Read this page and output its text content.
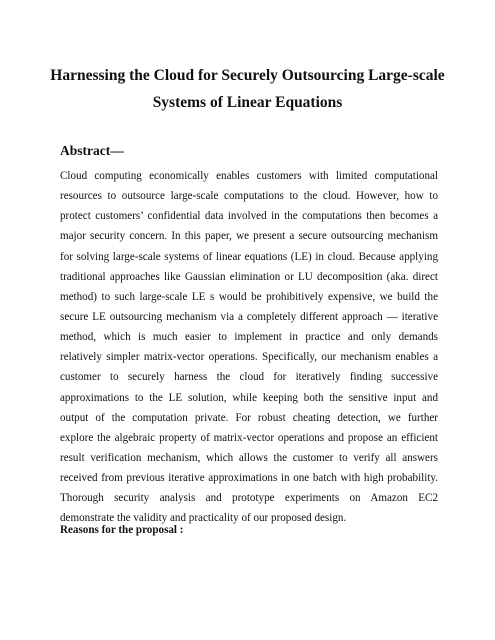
Harnessing the Cloud for Securely Outsourcing Large-scale
Systems of Linear Equations
Abstract—
Cloud computing economically enables customers with limited computational
resources to outsource large-scale computations to the cloud. However, how to
protect customers’ confidential data involved in the computations then becomes a
major security concern. In this paper, we present a secure outsourcing mechanism
for solving large-scale systems of linear equations (LE) in cloud. Because applying
traditional approaches like Gaussian elimination or LU decomposition (aka. direct
method) to such large-scale LE s would be prohibitively expensive, we build the
secure LE outsourcing mechanism via a completely different approach — iterative
method, which is much easier to implement in practice and only demands
relatively simpler matrix-vector operations. Specifically, our mechanism enables a
customer to securely harness the cloud for iteratively finding successive
approximations to the LE solution, while keeping both the sensitive input and
output of the computation private. For robust cheating detection, we further
explore the algebraic property of matrix-vector operations and propose an efficient
result verification mechanism, which allows the customer to verify all answers
received from previous iterative approximations in one batch with high probability.
Thorough security analysis and prototype experiments on Amazon EC2
demonstrate the validity and practicality of our proposed design.
Reasons for the proposal :
